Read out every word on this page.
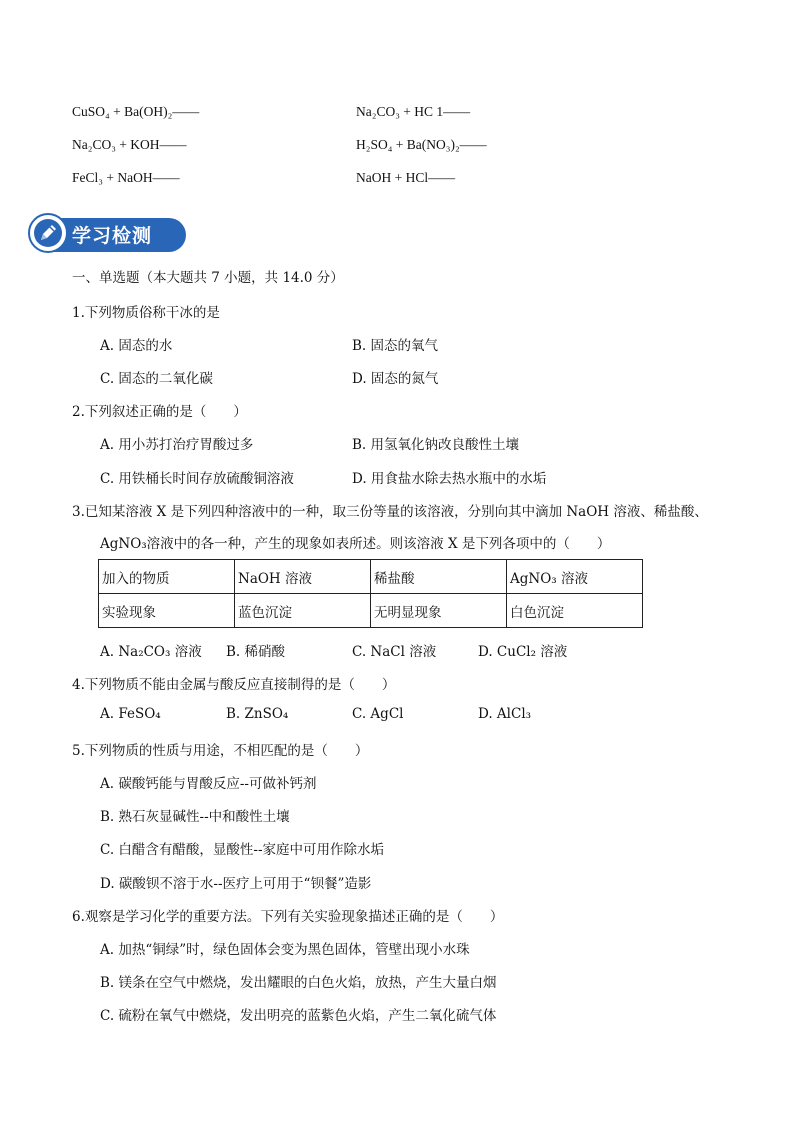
CuSO₄ + Ba(OH)₂——	Na₂CO₃ + HC 1——
Na₂CO₃ + KOH——	H₂SO₄ + Ba(NO₃)₂——
FeCl₃ + NaOH——	NaOH + HCl——
学习检测
一、单选题（本大题共 7 小题，共 14.0 分）
1.下列物质俗称干冰的是
A. 固态的水	B. 固态的氧气
C. 固态的二氧化碳	D. 固态的氮气
2.下列叙述正确的是（　　）
A. 用小苏打治疗胃酸过多	B. 用氢氧化钠改良酸性土壤
C. 用铁桶长时间存放硫酸铜溶液	D. 用食盐水除去热水瓶中的水垢
3.已知某溶液 X 是下列四种溶液中的一种，取三份等量的该溶液，分别向其中滴加 NaOH 溶液、稀盐酸、
AgNO₃溶液中的各一种，产生的现象如表所述。则该溶液 X 是下列各项中的（　　）
加入的物质	NaOH 溶液	稀盐酸	AgNO₃ 溶液
实验现象	蓝色沉淀	无明显现象	白色沉淀
A. Na₂CO₃ 溶液 B. 稀硝酸	C. NaCl 溶液	D. CuCl₂ 溶液
4.下列物质不能由金属与酸反应直接制得的是（　　）
A. FeSO₄	B. ZnSO₄	C. AgCl	D. AlCl₃
5.下列物质的性质与用途，不相匹配的是（　　）
A. 碳酸钙能与胃酸反应--可做补钙剂
B. 熟石灰显碱性--中和酸性土壤
C. 白醋含有醋酸，显酸性--家庭中可用作除水垢
D. 碳酸钡不溶于水--医疗上可用于“钡餐”造影
6.观察是学习化学的重要方法。下列有关实验现象描述正确的是（　　）
A. 加热“铜绿”时，绿色固体会变为黑色固体，管壁出现小水珠
B. 镁条在空气中燃烧，发出耀眼的白色火焰，放热，产生大量白烟
C. 硫粉在氧气中燃烧，发出明亮的蓝紫色火焰，产生二氧化硫气体
